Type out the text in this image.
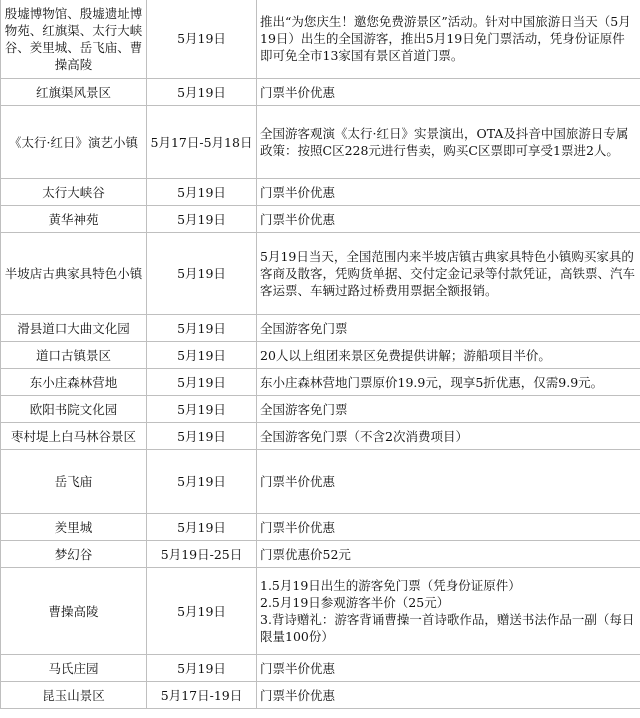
殷墟博物馆、殷墟遗址博物苑、红旗渠、太行大峡谷、羑里城、岳飞庙、曹操高陵	5月19日	推出“为您庆生！邀您免费游景区”活动。针对中国旅游日当天（5月19日）出生的全国游客，推出5月19日免门票活动，凭身份证原件即可免全市13家国有景区首道门票。
红旗渠风景区	5月19日	门票半价优惠
《太行·红日》演艺小镇	5月17日-5月18日	全国游客观演《太行·红日》实景演出，OTA及抖音中国旅游日专属政策：按照C区228元进行售卖，购买C区票即可享受1票进2人。
太行大峡谷	5月19日	门票半价优惠
黄华神苑	5月19日	门票半价优惠
半坡店古典家具特色小镇	5月19日	5月19日当天，全国范围内来半坡店镇古典家具特色小镇购买家具的客商及散客，凭购货单据、交付定金记录等付款凭证，高铁票、汽车客运票、车辆过路过桥费用票据全额报销。
滑县道口大曲文化园	5月19日	全国游客免门票
道口古镇景区	5月19日	20人以上组团来景区免费提供讲解；游船项目半价。
东小庄森林营地	5月19日	东小庄森林营地门票原价19.9元，现享5折优惠，仅需9.9元。
欧阳书院文化园	5月19日	全国游客免门票
枣村堤上白马林谷景区	5月19日	全国游客免门票（不含2次消费项目）
岳飞庙	5月19日	门票半价优惠
羑里城	5月19日	门票半价优惠
梦幻谷	5月19日-25日	门票优惠价52元
曹操高陵	5月19日	1.5月19日出生的游客免门票（凭身份证原件）
2.5月19日参观游客半价（25元）
3.背诗赠礼：游客背诵曹操一首诗歌作品，赠送书法作品一副（每日限量100份）

马氏庄园	5月19日	门票半价优惠
昆玉山景区	5月17日-19日	门票半价优惠
